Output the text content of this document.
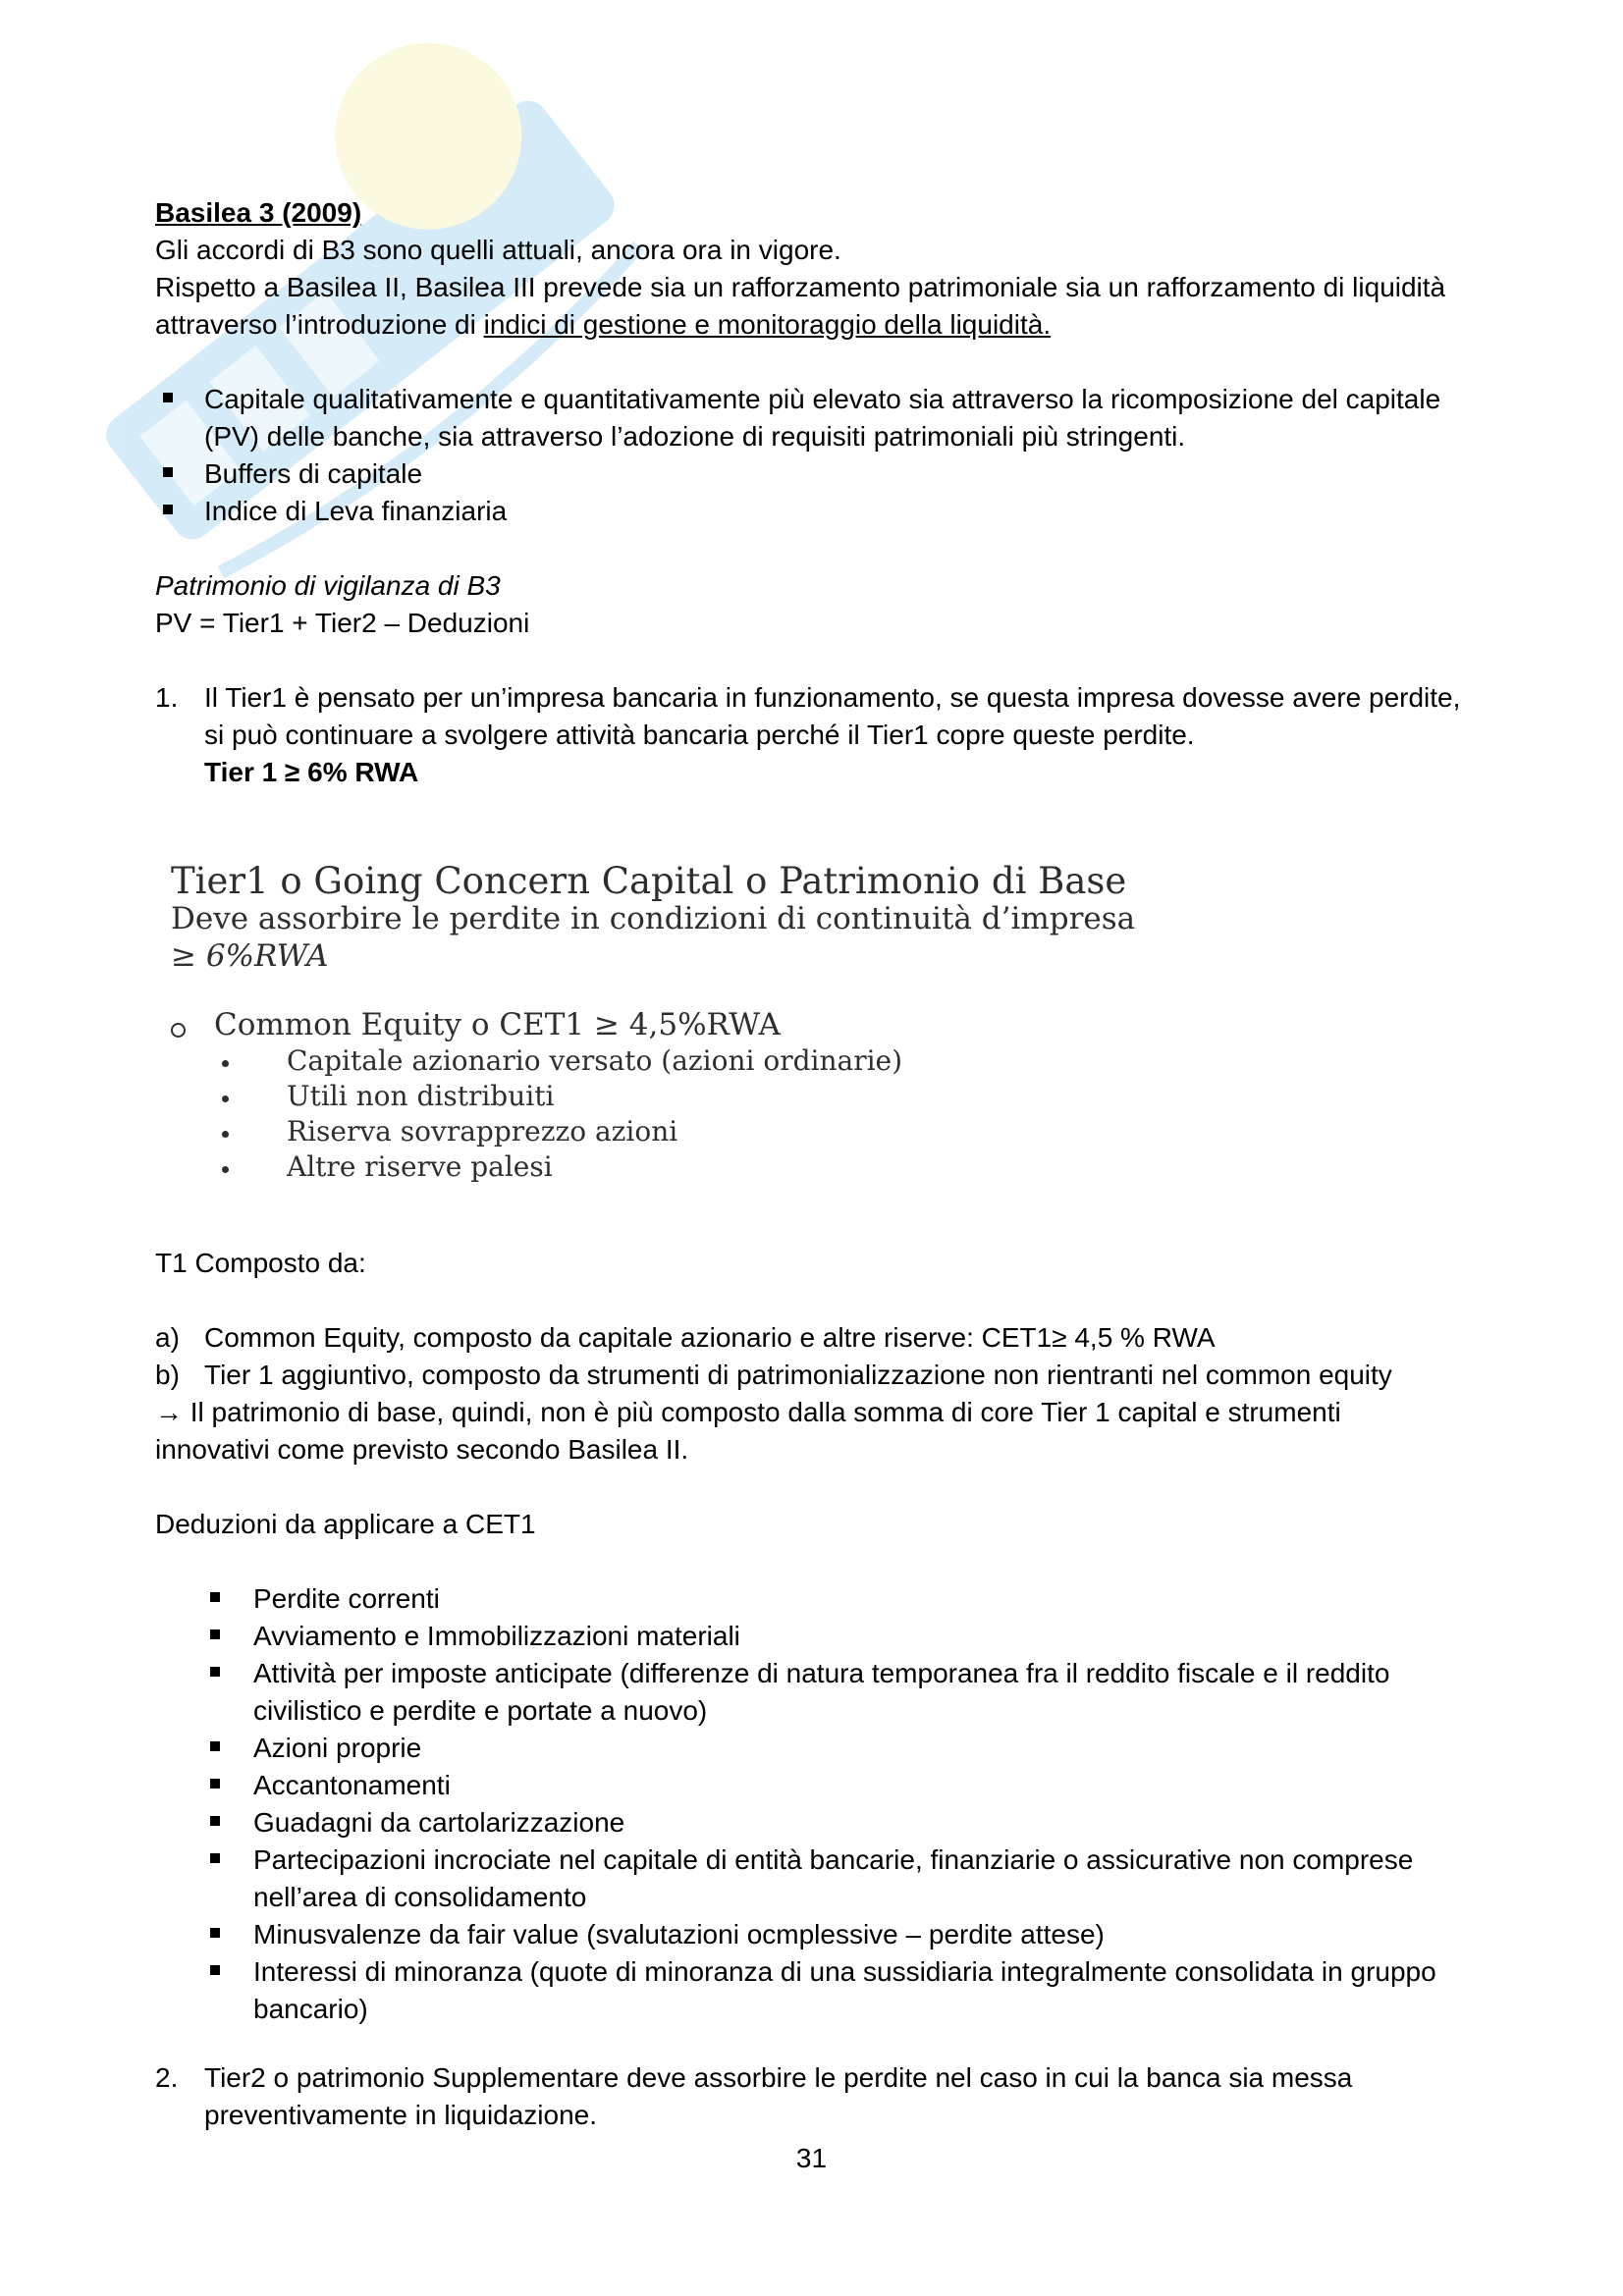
Basilea 3 (2009)
Gli accordi di B3 sono quelli attuali, ancora ora in vigore.
Rispetto a Basilea II, Basilea III prevede sia un rafforzamento patrimoniale sia un rafforzamento di liquidità
attraverso l’introduzione di indici di gestione e monitoraggio della liquidità.
Capitale qualitativamente e quantitativamente più elevato sia attraverso la ricomposizione del capitale
(PV) delle banche, sia attraverso l’adozione di requisiti patrimoniali più stringenti.
Buffers di capitale
Indice di Leva finanziaria
Patrimonio di vigilanza di B3
PV = Tier1 + Tier2 – Deduzioni
1. Il Tier1 è pensato per un’impresa bancaria in funzionamento, se questa impresa dovesse avere perdite,
si può continuare a svolgere attività bancaria perché il Tier1 copre queste perdite.
Tier 1 ≥ 6% RWA
Tier1 o Going Concern Capital o Patrimonio di Base
Deve assorbire le perdite in condizioni di continuità d’impresa
≥ 6%RWA
Common Equity o CET1 ≥ 4,5%RWA
Capitale azionario versato (azioni ordinarie)
Utili non distribuiti
Riserva sovrapprezzo azioni
Altre riserve palesi
T1 Composto da:
a) Common Equity, composto da capitale azionario e altre riserve: CET1≥ 4,5 % RWA
b) Tier 1 aggiuntivo, composto da strumenti di patrimonializzazione non rientranti nel common equity
→ Il patrimonio di base, quindi, non è più composto dalla somma di core Tier 1 capital e strumenti
innovativi come previsto secondo Basilea II.
Deduzioni da applicare a CET1
Perdite correnti
Avviamento e Immobilizzazioni materiali
Attività per imposte anticipate (differenze di natura temporanea fra il reddito fiscale e il reddito
civilistico e perdite e portate a nuovo)
Azioni proprie
Accantonamenti
Guadagni da cartolarizzazione
Partecipazioni incrociate nel capitale di entità bancarie, finanziarie o assicurative non comprese
nell’area di consolidamento
Minusvalenze da fair value (svalutazioni ocmplessive – perdite attese)
Interessi di minoranza (quote di minoranza di una sussidiaria integralmente consolidata in gruppo
bancario)
2. Tier2 o patrimonio Supplementare deve assorbire le perdite nel caso in cui la banca sia messa
preventivamente in liquidazione.
31
